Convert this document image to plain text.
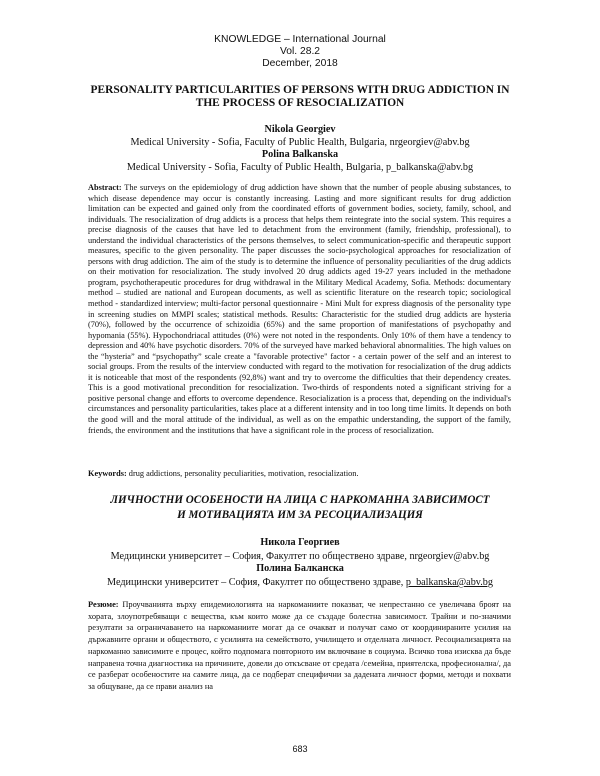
KNOWLEDGE – International Journal
Vol. 28.2
December, 2018
PERSONALITY PARTICULARITIES OF PERSONS WITH DRUG ADDICTION IN
THE PROCESS OF RESOCIALIZATION
Nikola Georgiev
Medical University - Sofia, Faculty of Public Health, Bulgaria, nrgeorgiev@abv.bg
Polina Balkanska
Medical University - Sofia, Faculty of Public Health, Bulgaria, p_balkanska@abv.bg

Abstract: The surveys on the epidemiology of drug addiction have shown that the number of people abusing substances, to which disease dependence may occur is constantly increasing. Lasting and more significant results for drug addiction limitation can be expected and gained only from the coordinated efforts of government bodies, society, family, school, and individuals. The resocialization of drug addicts is a process that helps them reintegrate into the social system. This requires a precise diagnosis of the causes that have led to detachment from the environment (family, friendship, professional), to understand the individual characteristics of the persons themselves, to select communication-specific and therapeutic support measures, specific to the given personality. The paper discusses the socio-psychological approaches for resocialization of persons with drug addiction. The aim of the study is to determine the influence of personality peculiarities of the drug addicts on their motivation for resocialization. The study involved 20 drug addicts aged 19-27 years included in the methadone program, psychotherapeutic procedures for drug withdrawal in the Military Medical Academy, Sofia. Methods: documentary method – studied are national and European documents, as well as scientific literature on the research topic; sociological method - standardized interview; multi-factor personal questionnaire - Mini Mult for express diagnosis of the personality type in screening studies on MMPI scales; statistical methods. Results: Characteristic for the studied drug addicts are hysteria (70%), followed by the occurrence of schizoidia (65%) and the same proportion of manifestations of psychopathy and hypomania (55%). Hypochondriacal attitudes (0%) were not noted in the respondents. Only 10% of them have a tendency to depression and 40% have psychotic disorders. 70% of the surveyed have marked behavioral abnormalities. The high values on the “hysteria” and “psychopathy” scale create a "favorable protective" factor - a certain power of the self and an interest to social groups. From the results of the interview conducted with regard to the motivation for resocialization of the drug addicts it is noticeable that most of the respondents (92,8%) want and try to overcome the difficulties that their dependency creates. This is a good motivational precondition for resocialization. Two-thirds of respondents noted a significant striving for a positive personal change and efforts to overcome dependence. Resocialization is a process that, depending on the individual's circumstances and personality particularities, takes place at a different intensity and in too long time limits. It depends on both the good will and the moral attitude of the individual, as well as on the empathic understanding, the support of the family, friends, the environment and the institutions that have a significant role in the process of resocialization.

Keywords: drug addictions, personality peculiarities, motivation, resocialization.

ЛИЧНОСТНИ ОСОБЕНОСТИ НА ЛИЦА С НАРКОМАННА ЗАВИСИМОСТ
И МОТИВАЦИЯТА ИМ ЗА РЕСОЦИАЛИЗАЦИЯ
Никола Георгиев
Медицински университет – София, Факултет по обществено здраве, nrgeorgiev@abv.bg
Полина Балканска
Медицински университет – София, Факултет по обществено здраве, p_balkanska@abv.bg

Резюме: Проучванията върху епидемиологията на наркоманиите показват, че непрестанно се увеличава броят на хората, злоупотребяващи с вещества, към които може да се създаде болестна зависимост. Трайни и по-значими резултати за ограничаването на наркоманиите могат да се очакват и получат само от координираните усилия на държавните органи и обществото, с усилията на семейството, училището и отделната личност. Ресоциализацията на наркоманно зависимите е процес, който подпомага повторното им включване в социума. Всичко това изисква да бъде направена точна диагностика на причините, довели до откъсване от средата /семейна, приятелска, професионална/, да се разберат особеностите на самите лица, да се подберат специфични за дадената личност форми, методи и похвати за общуване, да се прави анализ на

683
